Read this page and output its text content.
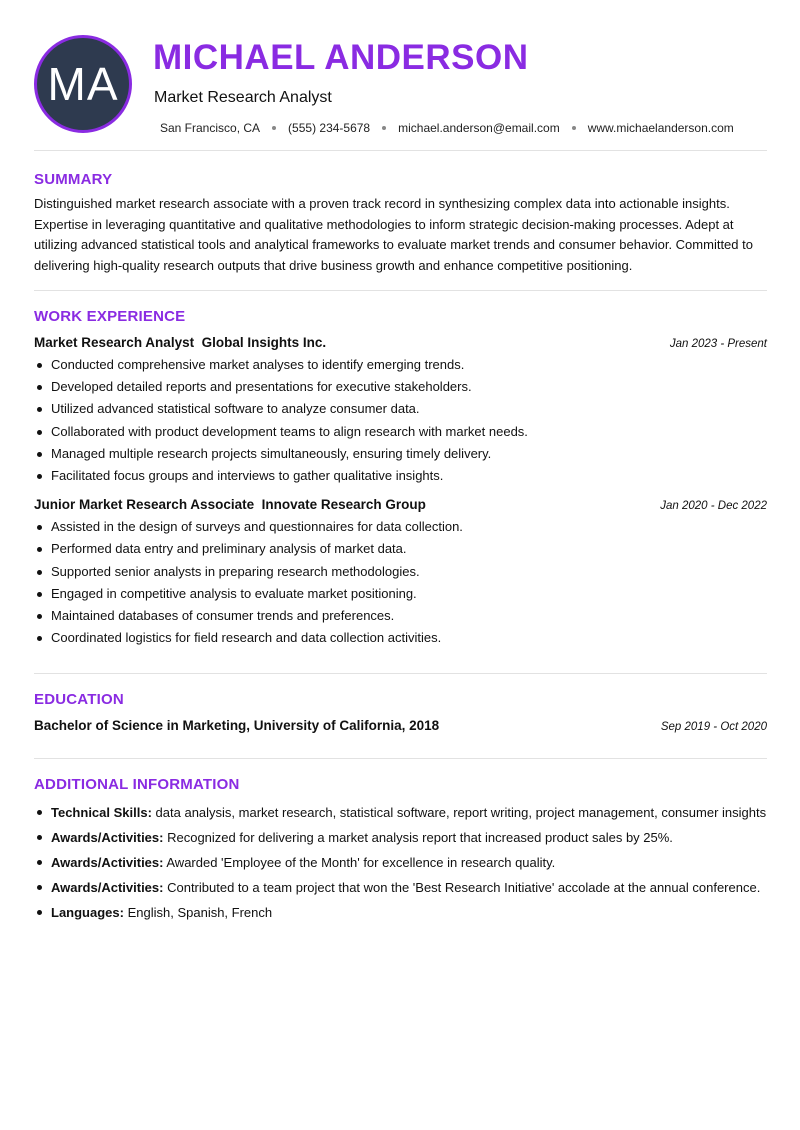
MA
MICHAEL ANDERSON
Market Research Analyst
San Francisco, CA (555) 234-5678 michael.anderson@email.com www.michaelanderson.com
SUMMARY

Distinguished market research associate with a proven track record in synthesizing complex data into actionable insights. Expertise in leveraging quantitative and qualitative methodologies to inform strategic decision-making processes. Adept at utilizing advanced statistical tools and analytical frameworks to evaluate market trends and consumer behavior. Committed to delivering high-quality research outputs that drive business growth and enhance competitive positioning.

WORK EXPERIENCE
Market Research Analyst Global Insights Inc.	Jan 2023 - Present
Conducted comprehensive market analyses to identify emerging trends.
Developed detailed reports and presentations for executive stakeholders.
Utilized advanced statistical software to analyze consumer data.
Collaborated with product development teams to align research with market needs.
Managed multiple research projects simultaneously, ensuring timely delivery.
Facilitated focus groups and interviews to gather qualitative insights.
Junior Market Research Associate Innovate Research Group	Jan 2020 - Dec 2022
Assisted in the design of surveys and questionnaires for data collection.
Performed data entry and preliminary analysis of market data.
Supported senior analysts in preparing research methodologies.
Engaged in competitive analysis to evaluate market positioning.
Maintained databases of consumer trends and preferences.
Coordinated logistics for field research and data collection activities.
EDUCATION
Bachelor of Science in Marketing, University of California, 2018	Sep 2019 - Oct 2020
ADDITIONAL INFORMATION
Technical Skills: data analysis, market research, statistical software, report writing, project management, consumer insights
Awards/Activities: Recognized for delivering a market analysis report that increased product sales by 25%.
Awards/Activities: Awarded 'Employee of the Month' for excellence in research quality.
Awards/Activities: Contributed to a team project that won the 'Best Research Initiative' accolade at the annual conference.
Languages: English, Spanish, French
